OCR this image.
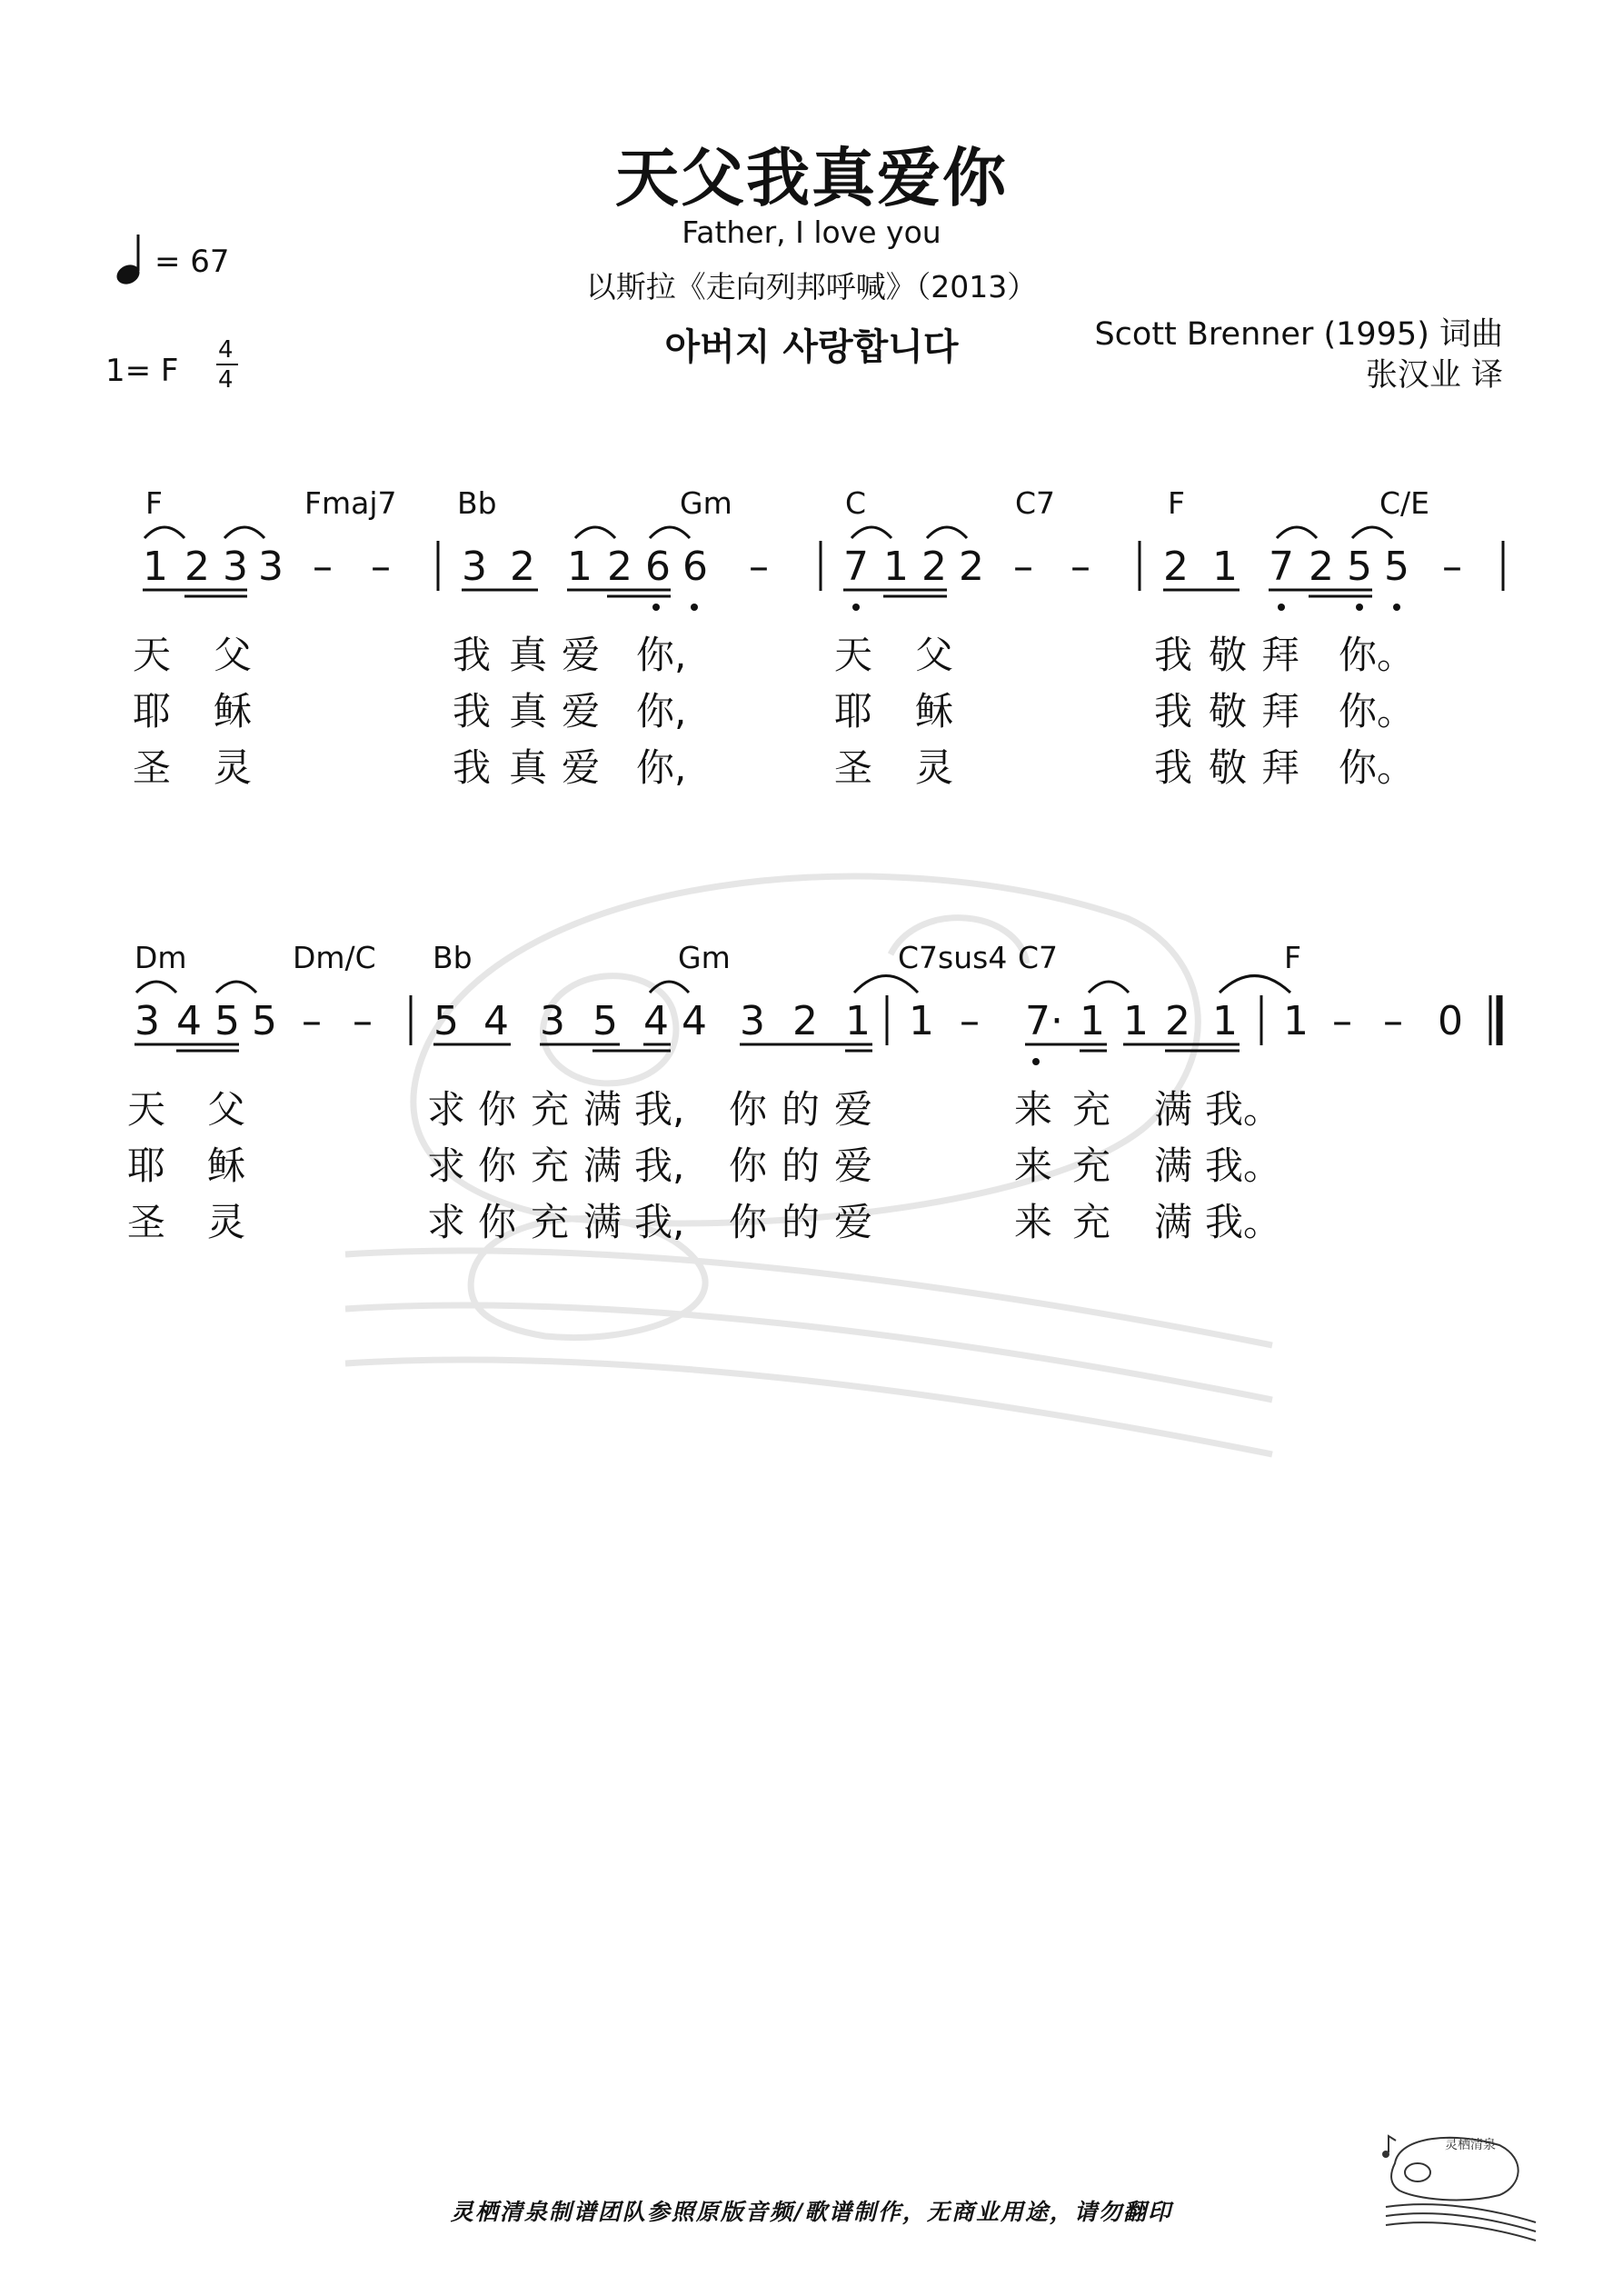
天父我真爱你
Father, I love you
以斯拉《走向列邦呼喊》（2013）
아버지 사랑합니다	Scott Brenner (1995) 词曲
张汉业 译
= 67
1= F
4
4
F	Fmaj7 Bb	Gm	C	C7	F	C/E
1 2 3 3 – – 3 2 1 2 6 6 – 7 1 2 2 – – 2 1 7 2 5 5 –
天 父	我 真 爱 你,	天 父	我 敬 拜 你。
耶 稣	我 真 爱 你,	耶 稣	我 敬 拜 你。
圣 灵	我 真 爱 你,	圣 灵	我 敬 拜 你。
Dm	Dm/C Bb	Gm	C7sus4 C7	F
3 4 5 5 – – 5 4 3 5 4 4 3 2 1 1 – 7 · 1 1 2 1 1 – – 0
天 父	求 你 充 满 我, 你 的 爱	来 充 满 我。
耶 稣	求 你 充 满 我, 你 的 爱	来 充 满 我。
圣 灵	求 你 充 满 我, 你 的 爱	来 充 满 我。
灵栖清泉制谱团队参照原版音频/歌谱制作，无商业用途，请勿翻印
灵栖清泉
